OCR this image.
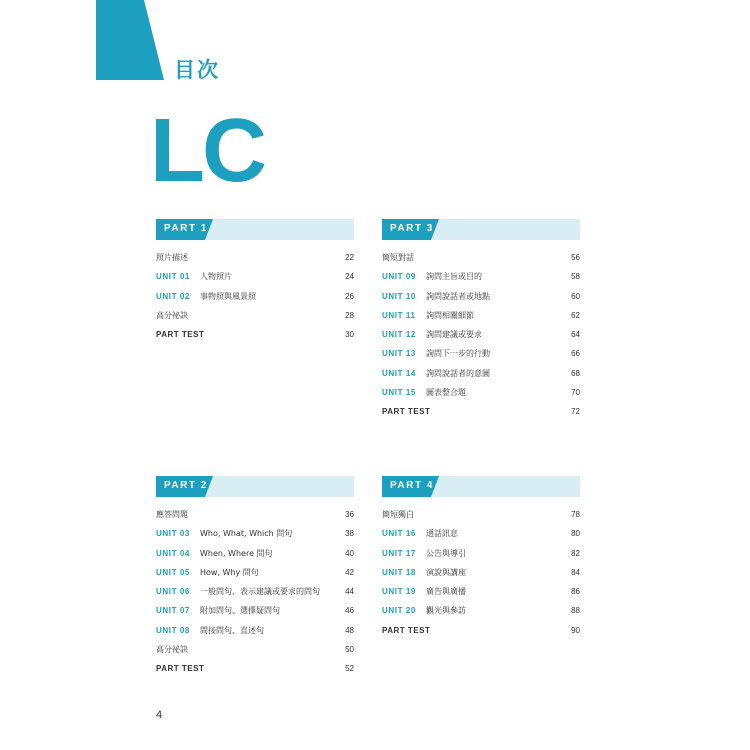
目次
LC
PART 1
照片描述	22
UNIT 01 人物照片	24
UNIT 02 事物照與風景照	26
高分祕訣	28
PART TEST	30
PART 3
簡短對話	56
UNIT 09 詢問主旨或目的	58
UNIT 10 詢問說話者或地點	60
UNIT 11 詢問相關細節	62
UNIT 12 詢問建議或要求	64
UNIT 13 詢問下一步的行動	66
UNIT 14 詢問說話者的意圖	68
UNIT 15 圖表整合題	70
PART TEST	72
PART 2
應答問題	36
UNIT 03 Who, What, Which 問句	38
UNIT 04 When, Where 問句	40
UNIT 05 How, Why 問句	42
UNIT 06 一般問句、表示建議或要求的問句	44
UNIT 07 附加問句、選擇疑問句	46
UNIT 08 間接問句、直述句	48
高分祕訣	50
PART TEST	52
PART 4
簡短獨白	78
UNIT 16 通話訊息	80
UNIT 17 公告與導引	82
UNIT 18 演說與講座	84
UNIT 19 廣告與廣播	86
UNIT 20 觀光與參訪	88
PART TEST	90
4
